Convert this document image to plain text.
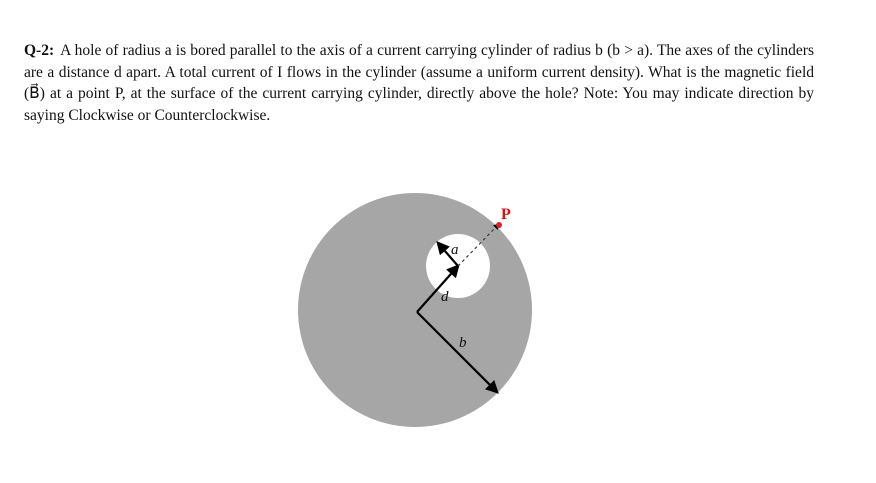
Q-2: A hole of radius a is bored parallel to the axis of a current carrying cylinder of radius b (b > a). The axes of the cylinders are a distance d apart. A total current of I flows in the cylinder (assume a uniform current density). What is the magnetic field (B⃗) at a point P, at the surface of the current carrying cylinder, directly above the hole? Note: You may indicate direction by saying Clockwise or Counterclockwise.
a
d
b
P
